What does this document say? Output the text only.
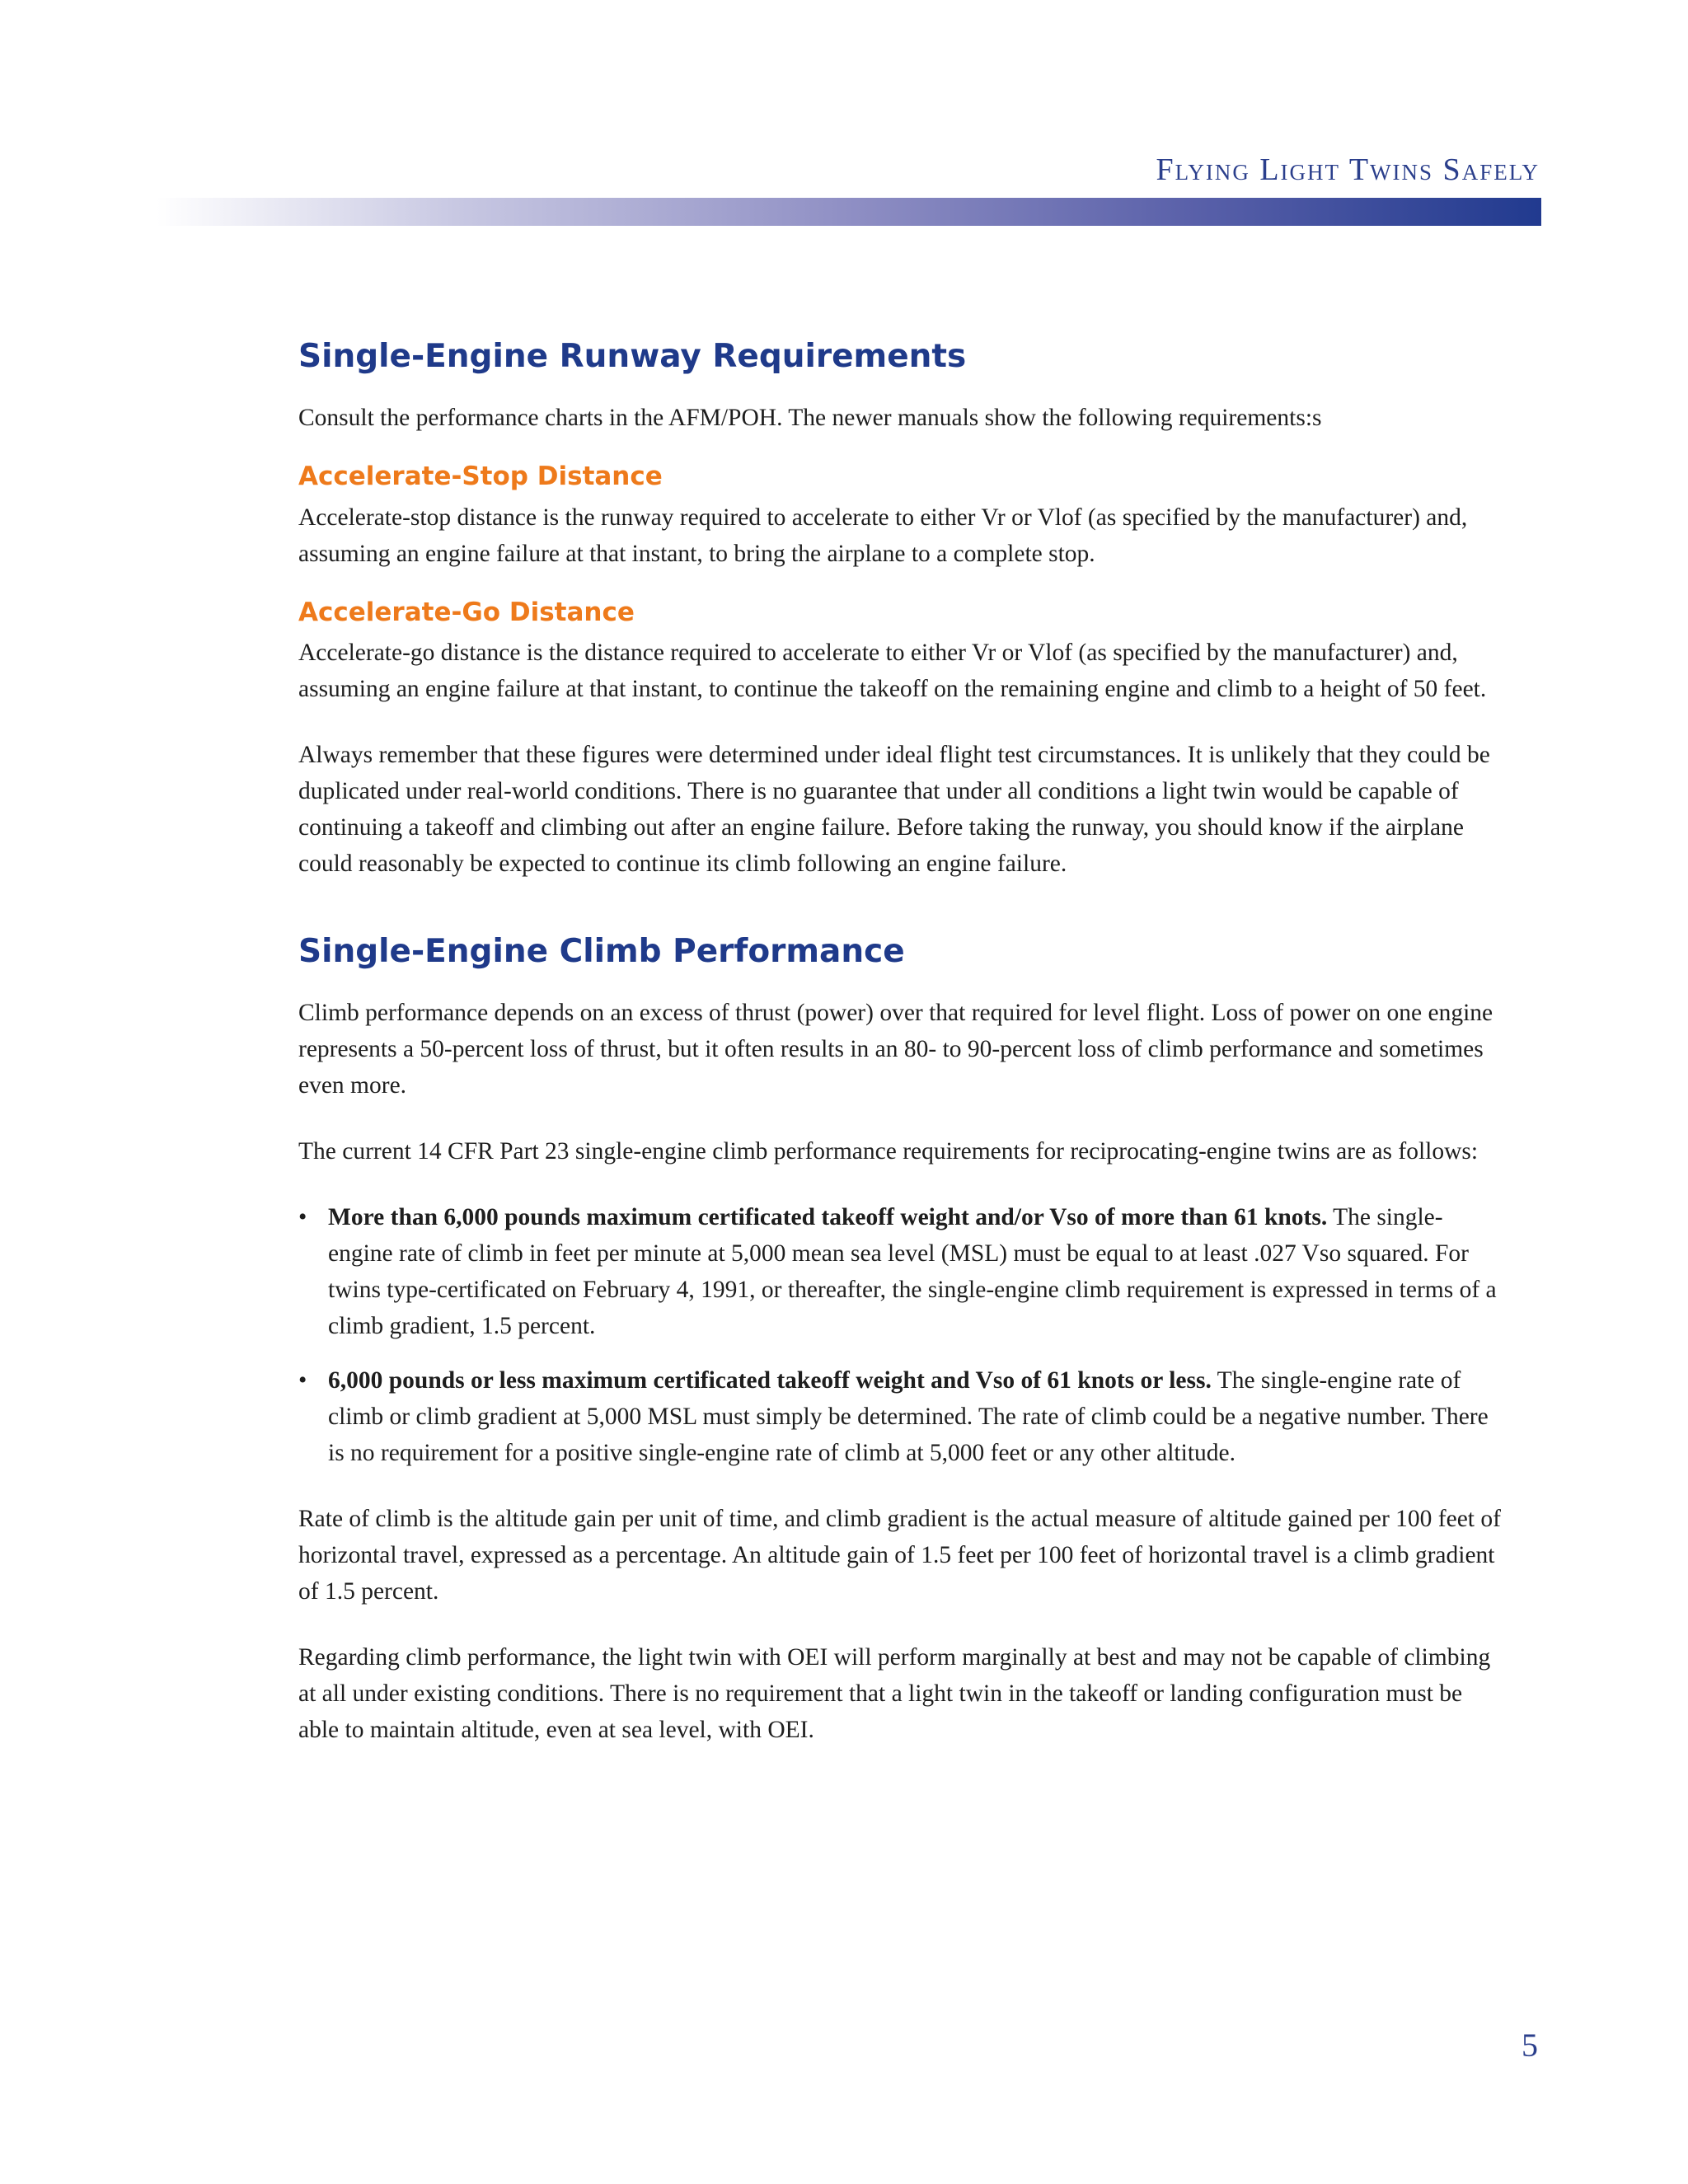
Flying Light Twins Safely
Single-Engine Runway Requirements

Consult the performance charts in the AFM/POH. The newer manuals show the following requirements:s

Accelerate-Stop Distance

Accelerate-stop distance is the runway required to accelerate to either Vr or Vlof (as specified by the manufacturer) and, assuming an engine failure at that instant, to bring the airplane to a complete stop.

Accelerate-Go Distance

Accelerate-go distance is the distance required to accelerate to either Vr or Vlof (as specified by the manufacturer) and, assuming an engine failure at that instant, to continue the takeoff on the remaining engine and climb to a height of 50 feet.

Always remember that these figures were determined under ideal flight test circumstances. It is unlikely that they could be duplicated under real-world conditions. There is no guarantee that under all conditions a light twin would be capable of continuing a takeoff and climbing out after an engine failure. Before taking the runway, you should know if the airplane could reasonably be expected to continue its climb following an engine failure.

Single-Engine Climb Performance

Climb performance depends on an excess of thrust (power) over that required for level flight. Loss of power on one engine represents a 50-percent loss of thrust, but it often results in an 80- to 90-percent loss of climb performance and sometimes even more.

The current 14 CFR Part 23 single-engine climb performance requirements for reciprocating-engine twins are as follows:

• More than 6,000 pounds maximum certificated takeoff weight and/or Vso of more than 61 knots. The single-engine rate of climb in feet per minute at 5,000 mean sea level (MSL) must be equal to at least .027 Vso squared. For twins type-certificated on February 4, 1991, or thereafter, the single-engine climb requirement is expressed in terms of a climb gradient, 1.5 percent.
• 6,000 pounds or less maximum certificated takeoff weight and Vso of 61 knots or less. The single-engine rate of climb or climb gradient at 5,000 MSL must simply be determined. The rate of climb could be a negative number. There is no requirement for a positive single-engine rate of climb at 5,000 feet or any other altitude.

Rate of climb is the altitude gain per unit of time, and climb gradient is the actual measure of altitude gained per 100 feet of horizontal travel, expressed as a percentage. An altitude gain of 1.5 feet per 100 feet of horizontal travel is a climb gradient of 1.5 percent.

Regarding climb performance, the light twin with OEI will perform marginally at best and may not be capable of climbing at all under existing conditions. There is no requirement that a light twin in the takeoff or landing configuration must be able to maintain altitude, even at sea level, with OEI.

5
